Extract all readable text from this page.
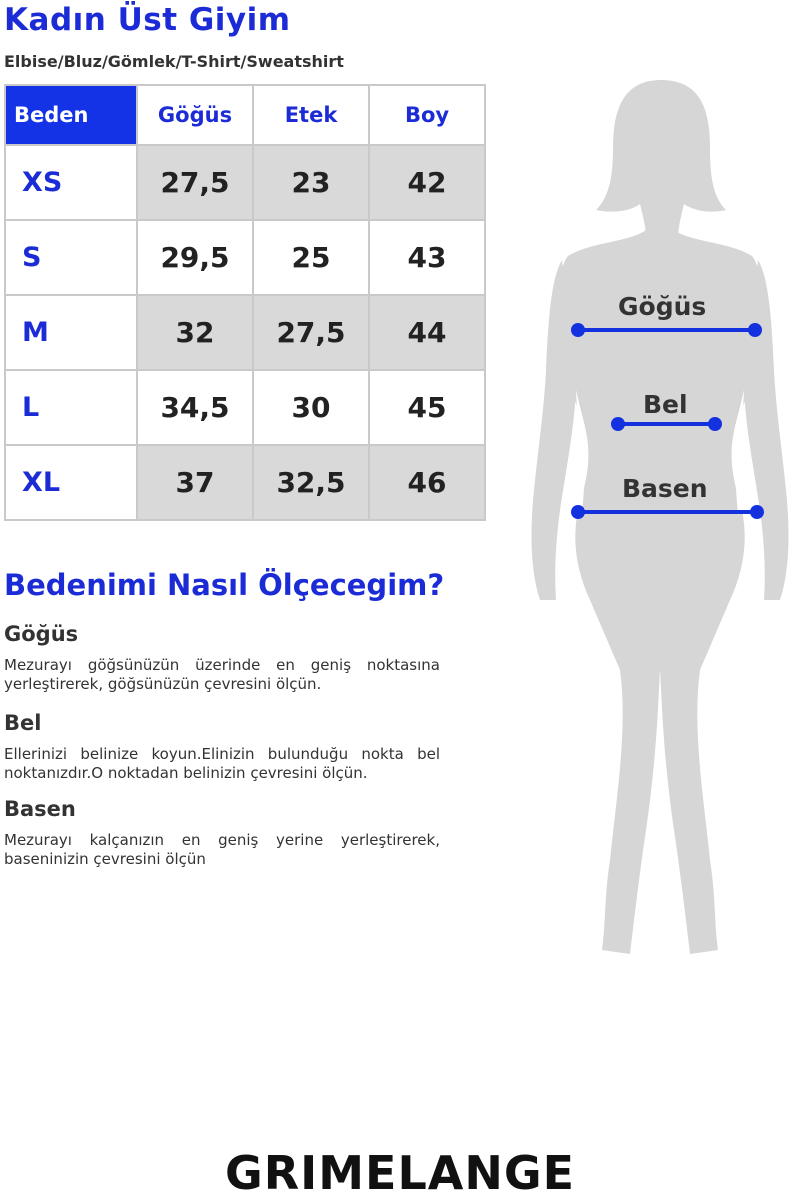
Kadın Üst Giyim
Elbise/Bluz/Gömlek/T-Shirt/Sweatshirt
Beden	Göğüs	Etek	Boy
XS	27,5	23	42
S	29,5	25	43
M	32	27,5	44
L	34,5	30	45
XL	37	32,5	46
Bedenimi Nasıl Ölçecegim?
Göğüs
Mezurayı göğsünüzün üzerinde en geniş noktasına yerleştirerek, göğsünüzün çevresini ölçün.
Bel
Ellerinizi belinize koyun.Elinizin bulunduğu nokta bel noktanızdır.O noktadan belinizin çevresini ölçün.
Basen
Mezurayı kalçanızın en geniş yerine yerleştirerek, baseninizin çevresini ölçün
Göğüs
Bel
Basen
GRIMELANGE
